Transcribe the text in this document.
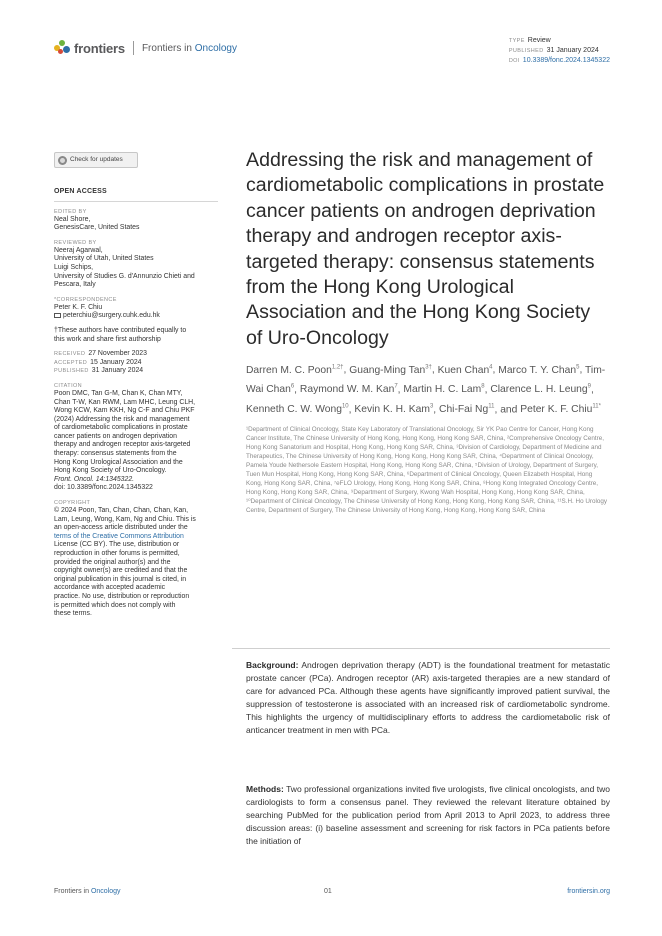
frontiers Frontiers in Oncology
TYPE Review
PUBLISHED 31 January 2024
DOI 10.3389/fonc.2024.1345322
Check for updates
OPEN ACCESS
EDITED BY
Neal Shore,
GenesisCare, United States
REVIEWED BY
Neeraj Agarwal,
University of Utah, United States
Luigi Schips,
University of Studies G. d'Annunzio Chieti and
Pescara, Italy
*CORRESPONDENCE
Peter K. F. Chiu
peterchiu@surgery.cuhk.edu.hk
†These authors have contributed equally to
this work and share first authorship
RECEIVED 27 November 2023
ACCEPTED 15 January 2024
PUBLISHED 31 January 2024
CITATION
Poon DMC, Tan G-M, Chan K, Chan MTY,
Chan T-W, Kan RWM, Lam MHC, Leung CLH,
Wong KCW, Kam KKH, Ng C-F and Chiu PKF
(2024) Addressing the risk and management
of cardiometabolic complications in prostate
cancer patients on androgen deprivation
therapy and androgen receptor axis-targeted
therapy: consensus statements from the
Hong Kong Urological Association and the
Hong Kong Society of Uro-Oncology.
Front. Oncol. 14:1345322.
doi: 10.3389/fonc.2024.1345322
COPYRIGHT
© 2024 Poon, Tan, Chan, Chan, Chan, Kan,
Lam, Leung, Wong, Kam, Ng and Chiu. This is
an open-access article distributed under the
terms of the Creative Commons Attribution
License (CC BY). The use, distribution or
reproduction in other forums is permitted,
provided the original author(s) and the
copyright owner(s) are credited and that the
original publication in this journal is cited, in
accordance with accepted academic
practice. No use, distribution or reproduction
is permitted which does not comply with
these terms.
Addressing the risk and management of cardiometabolic complications in prostate cancer patients on androgen deprivation therapy and androgen receptor axis-targeted therapy: consensus statements from the Hong Kong Urological Association and the Hong Kong Society of Uro-Oncology
Darren M. C. Poon$^{1,2\dagger}$, Guang-Ming Tan$^{3\dagger}$, Kuen Chan$^4$, Marco T. Y. Chan$^5$, Tim-Wai Chan$^6$, Raymond W. M. Kan$^7$, Martin H. C. Lam$^8$, Clarence L. H. Leung$^9$, Kenneth C. W. Wong$^{10}$, Kevin K. H. Kam$^3$, Chi-Fai Ng$^{11}$, and Peter K. F. Chiu$^{11*}$
¹Department of Clinical Oncology, State Key Laboratory of Translational Oncology, Sir YK Pao Centre for Cancer, Hong Kong Cancer Institute, The Chinese University of Hong Kong, Hong Kong, Hong Kong SAR, China, ²Comprehensive Oncology Centre, Hong Kong Sanatorium and Hospital, Hong Kong, Hong Kong SAR, China, ³Division of Cardiology, Department of Medicine and Therapeutics, The Chinese University of Hong Kong, Hong Kong, Hong Kong SAR, China, ⁴Department of Clinical Oncology, Pamela Youde Nethersole Eastern Hospital, Hong Kong, Hong Kong SAR, China, ⁵Division of Urology, Department of Surgery, Tuen Mun Hospital, Hong Kong, Hong Kong SAR, China, ⁶Department of Clinical Oncology, Queen Elizabeth Hospital, Hong Kong, Hong Kong SAR, China, ⁷eFLO Urology, Hong Kong, Hong Kong SAR, China, ⁸Hong Kong Integrated Oncology Centre, Hong Kong, Hong Kong SAR, China, ⁹Department of Surgery, Kwong Wah Hospital, Hong Kong, Hong Kong SAR, China, ¹⁰Department of Clinical Oncology, The Chinese University of Hong Kong, Hong Kong, Hong Kong SAR, China, ¹¹S.H. Ho Urology Centre, Department of Surgery, The Chinese University of Hong Kong, Hong Kong, Hong Kong SAR, China
Background: Androgen deprivation therapy (ADT) is the foundational treatment for metastatic prostate cancer (PCa). Androgen receptor (AR) axis-targeted therapies are a new standard of care for advanced PCa. Although these agents have significantly improved patient survival, the suppression of testosterone is associated with an increased risk of cardiometabolic syndrome. This highlights the urgency of multidisciplinary efforts to address the cardiometabolic risk of anticancer treatment in men with PCa.
Methods: Two professional organizations invited five urologists, five clinical oncologists, and two cardiologists to form a consensus panel. They reviewed the relevant literature obtained by searching PubMed for the publication period from April 2013 to April 2023, to address three discussion areas: (i) baseline assessment and screening for risk factors in PCa patients before the initiation of
Frontiers in Oncology	01	frontiersin.org
